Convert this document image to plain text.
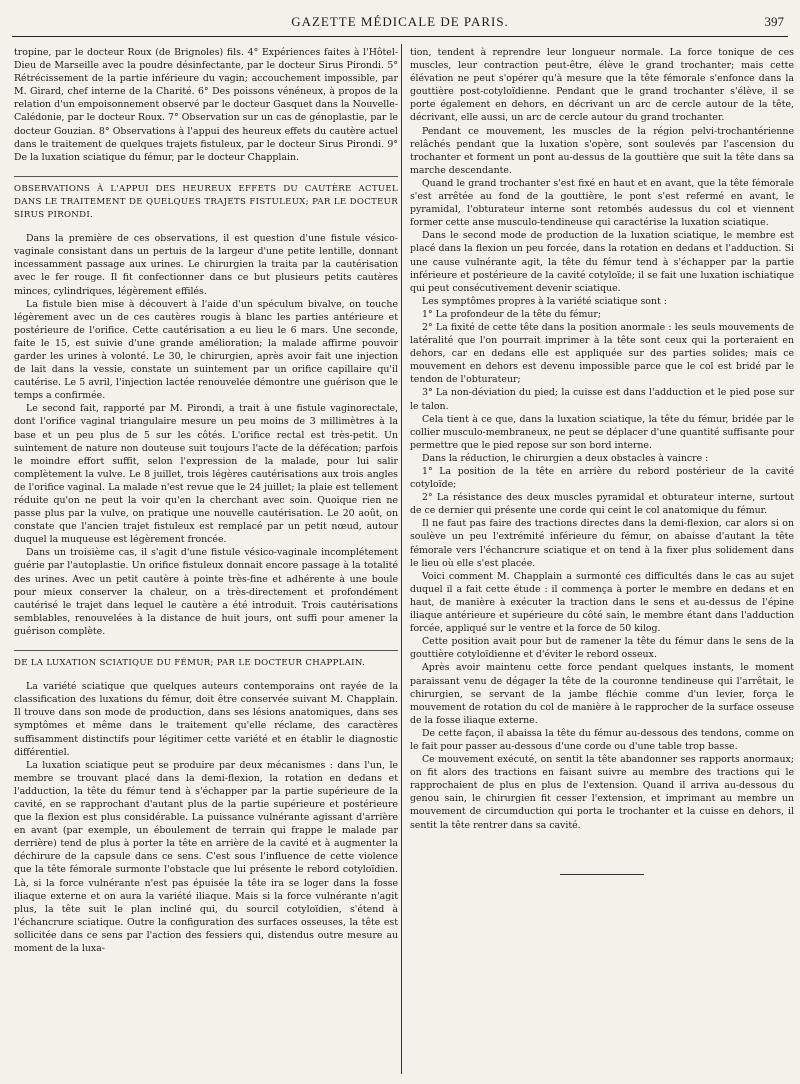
GAZETTE MÉDICALE DE PARIS.	397

tropine, par le docteur Roux (de Brignoles) fils. 4° Expériences faites à l'Hôtel-Dieu de Marseille avec la poudre désinfectante, par le docteur Sirus Pirondi. 5° Rétrécissement de la partie inférieure du vagin; accouchement impossible, par M. Girard, chef interne de la Charité. 6° Des poissons vénéneux, à propos de la relation d'un empoisonnement observé par le docteur Gasquet dans la Nouvelle-Calédonie, par le docteur Roux. 7° Observation sur un cas de génoplastie, par le docteur Gouzian. 8° Observations à l'appui des heureux effets du cautère actuel dans le traitement de quelques trajets fistuleux, par le docteur Sirus Pirondi. 9° De la luxation sciatique du fémur, par le docteur Chapplain.

OBSERVATIONS À L'APPUI DES HEUREUX EFFETS DU CAUTÈRE ACTUEL DANS LE TRAITEMENT DE QUELQUES TRAJETS FISTULEUX; PAR LE DOCTEUR SIRUS PIRONDI.

Dans la première de ces observations, il est question d'une fistule vésico-vaginale consistant dans un pertuis de la largeur d'une petite lentille, donnant incessamment passage aux urines. Le chirurgien la traita par la cautérisation avec le fer rouge. Il fit confectionner dans ce but plusieurs petits cautères minces, cylindriques, légèrement effilés.

La fistule bien mise à découvert à l'aide d'un spéculum bivalve, on touche légèrement avec un de ces cautères rougis à blanc les parties antérieure et postérieure de l'orifice. Cette cautérisation a eu lieu le 6 mars. Une seconde, faite le 15, est suivie d'une grande amélioration; la malade affirme pouvoir garder les urines à volonté. Le 30, le chirurgien, après avoir fait une injection de lait dans la vessie, constate un suintement par un orifice capillaire qu'il cautérise. Le 5 avril, l'injection lactée renouvelée démontre une guérison que le temps a confirmée.

Le second fait, rapporté par M. Pirondi, a trait à une fistule vaginorectale, dont l'orifice vaginal triangulaire mesure un peu moins de 3 millimètres à la base et un peu plus de 5 sur les côtés. L'orifice rectal est très-petit. Un suintement de nature non douteuse suit toujours l'acte de la défécation; parfois le moindre effort suffit, selon l'expression de la malade, pour lui salir complètement la vulve. Le 8 juillet, trois légères cautérisations aux trois angles de l'orifice vaginal. La malade n'est revue que le 24 juillet; la plaie est tellement réduite qu'on ne peut la voir qu'en la cherchant avec soin. Quoique rien ne passe plus par la vulve, on pratique une nouvelle cautérisation. Le 20 août, on constate que l'ancien trajet fistuleux est remplacé par un petit nœud, autour duquel la muqueuse est légèrement froncée.

Dans un troisième cas, il s'agit d'une fistule vésico-vaginale incomplétement guérie par l'autoplastie. Un orifice fistuleux donnait encore passage à la totalité des urines. Avec un petit cautère à pointe très-fine et adhérente à une boule pour mieux conserver la chaleur, on a très-directement et profondément cautérisé le trajet dans lequel le cautère a été introduit. Trois cautérisations semblables, renouvelées à la distance de huit jours, ont suffi pour amener la guérison complète.

DE LA LUXATION SCIATIQUE DU FÉMUR; PAR LE DOCTEUR CHAPPLAIN.

La variété sciatique que quelques auteurs contemporains ont rayée de la classification des luxations du fémur, doit être conservée suivant M. Chapplain. Il trouve dans son mode de production, dans ses lésions anatomiques, dans ses symptômes et même dans le traitement qu'elle réclame, des caractères suffisamment distinctifs pour légitimer cette variété et en établir le diagnostic différentiel.

La luxation sciatique peut se produire par deux mécanismes : dans l'un, le membre se trouvant placé dans la demi-flexion, la rotation en dedans et l'adduction, la tête du fémur tend à s'échapper par la partie supérieure de la cavité, en se rapprochant d'autant plus de la partie supérieure et postérieure que la flexion est plus considérable. La puissance vulnérante agissant d'arrière en avant (par exemple, un éboulement de terrain qui frappe le malade par derrière) tend de plus à porter la tête en arrière de la cavité et à augmenter la déchirure de la capsule dans ce sens. C'est sous l'influence de cette violence que la tête fémorale surmonte l'obstacle que lui présente le rebord cotyloïdien. Là, si la force vulnérante n'est pas épuisée la tête ira se loger dans la fosse iliaque externe et on aura la variété iliaque. Mais si la force vulnérante n'agit plus, la tête suit le plan incliné qui, du sourcil cotyloïdien, s'étend à l'échancrure sciatique. Outre la configuration des surfaces osseuses, la tête est sollicitée dans ce sens par l'action des fessiers qui, distendus outre mesure au moment de la luxa-

tion, tendent à reprendre leur longueur normale. La force tonique de ces muscles, leur contraction peut-être, élève le grand trochanter; mais cette élévation ne peut s'opérer qu'à mesure que la tête fémorale s'enfonce dans la gouttière post-cotyloïdienne. Pendant que le grand trochanter s'élève, il se porte également en dehors, en décrivant un arc de cercle autour de la tête, décrivant, elle aussi, un arc de cercle autour du grand trochanter.

Pendant ce mouvement, les muscles de la région pelvi-trochantérienne relâchés pendant que la luxation s'opère, sont soulevés par l'ascension du trochanter et forment un pont au-dessus de la gouttière que suit la tête dans sa marche descendante.

Quand le grand trochanter s'est fixé en haut et en avant, que la tête fémorale s'est arrêtée au fond de la gouttière, le pont s'est refermé en avant, le pyramidal, l'obturateur interne sont retombés audessus du col et viennent former cette anse musculo-tendineuse qui caractérise la luxation sciatique.

Dans le second mode de production de la luxation sciatique, le membre est placé dans la flexion un peu forcée, dans la rotation en dedans et l'adduction. Si une cause vulnérante agit, la tête du fémur tend à s'échapper par la partie inférieure et postérieure de la cavité cotyloïde; il se fait une luxation ischiatique qui peut consécutivement devenir sciatique.

Les symptômes propres à la variété sciatique sont :

1° La profondeur de la tête du fémur;

2° La fixité de cette tête dans la position anormale : les seuls mouvements de latéralité que l'on pourrait imprimer à la tête sont ceux qui la porteraient en dehors, car en dedans elle est appliquée sur des parties solides; mais ce mouvement en dehors est devenu impossible parce que le col est bridé par le tendon de l'obturateur;

3° La non-déviation du pied; la cuisse est dans l'adduction et le pied pose sur le talon.

Cela tient à ce que, dans la luxation sciatique, la tête du fémur, bridée par le collier musculo-membraneux, ne peut se déplacer d'une quantité suffisante pour permettre que le pied repose sur son bord interne.

Dans la réduction, le chirurgien a deux obstacles à vaincre :

1° La position de la tête en arrière du rebord postérieur de la cavité cotyloïde;

2° La résistance des deux muscles pyramidal et obturateur interne, surtout de ce dernier qui présente une corde qui ceint le col anatomique du fémur.

Il ne faut pas faire des tractions directes dans la demi-flexion, car alors si on soulève un peu l'extrémité inférieure du fémur, on abaisse d'autant la tête fémorale vers l'échancrure sciatique et on tend à la fixer plus solidement dans le lieu où elle s'est placée.

Voici comment M. Chapplain a surmonté ces difficultés dans le cas au sujet duquel il a fait cette étude : il commença à porter le membre en dedans et en haut, de manière à exécuter la traction dans le sens et au-dessus de l'épine iliaque antérieure et supérieure du côté sain, le membre étant dans l'adduction forcée, appliqué sur le ventre et la force de 50 kilog.

Cette position avait pour but de ramener la tête du fémur dans le sens de la gouttière cotyloïdienne et d'éviter le rebord osseux.

Après avoir maintenu cette force pendant quelques instants, le moment paraissant venu de dégager la tête de la couronne tendineuse qui l'arrêtait, le chirurgien, se servant de la jambe fléchie comme d'un levier, força le mouvement de rotation du col de manière à le rapprocher de la surface osseuse de la fosse iliaque externe.

De cette façon, il abaissa la tête du fémur au-dessous des tendons, comme on le fait pour passer au-dessous d'une corde ou d'une table trop basse.

Ce mouvement exécuté, on sentit la tête abandonner ses rapports anormaux; on fit alors des tractions en faisant suivre au membre des tractions qui le rapprochaient de plus en plus de l'extension. Quand il arriva au-dessous du genou sain, le chirurgien fit cesser l'extension, et imprimant au membre un mouvement de circumduction qui porta le trochanter et la cuisse en dehors, il sentit la tête rentrer dans sa cavité.
